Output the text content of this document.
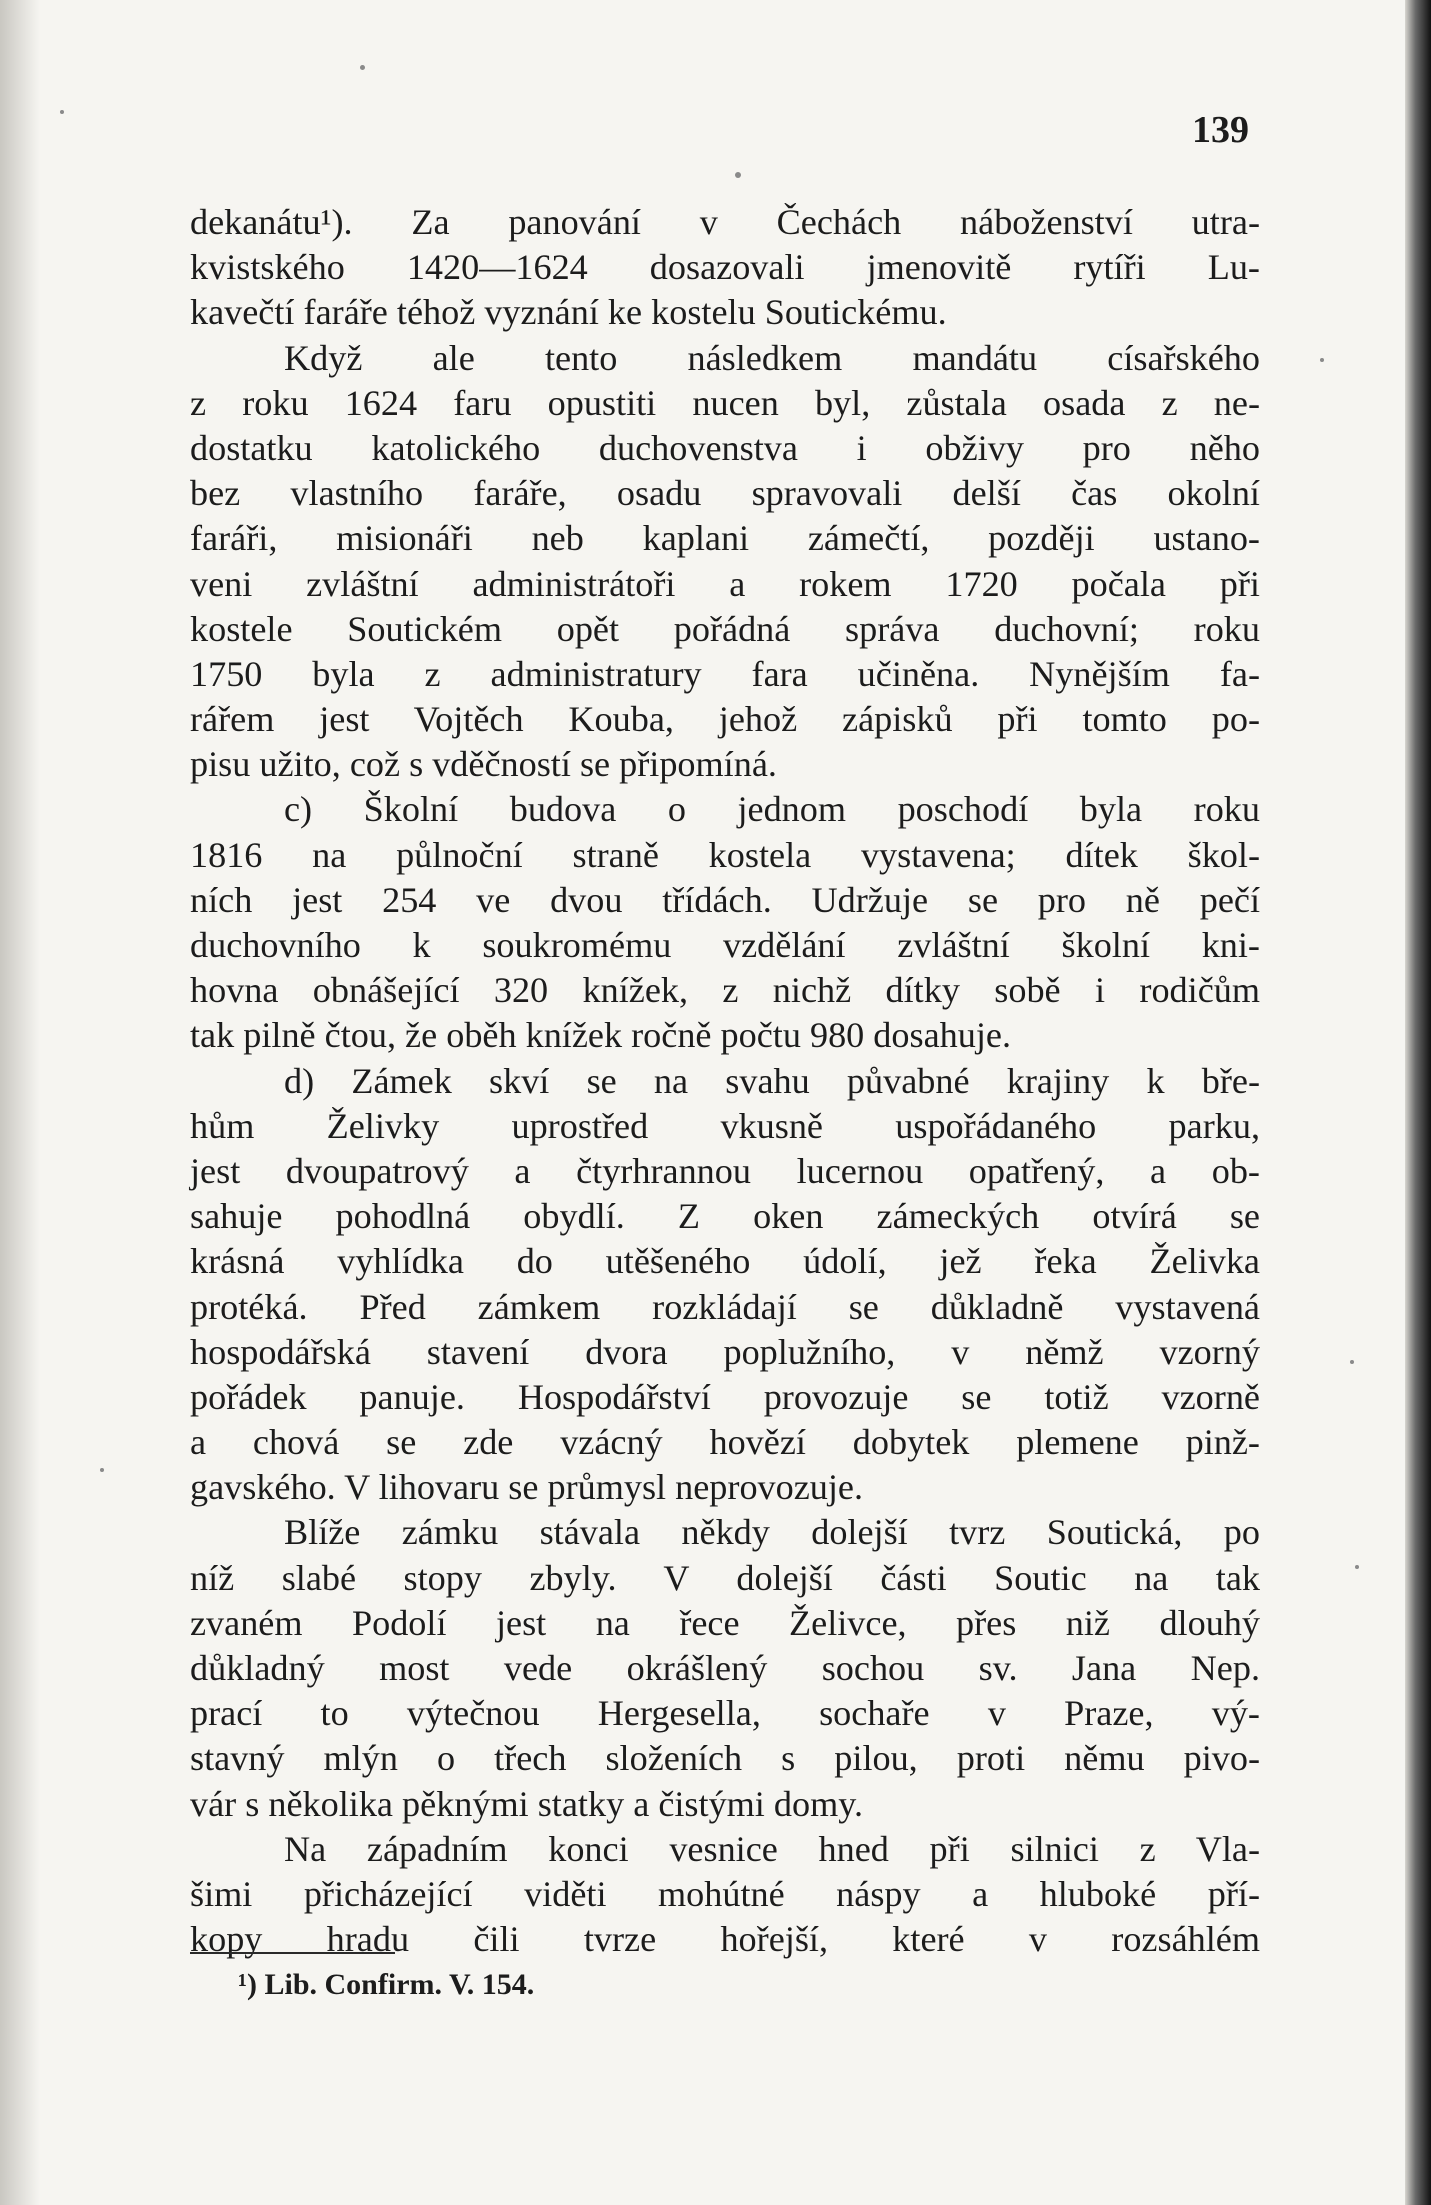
139

dekanátu¹). Za panování v Čechách náboženství utra-
kvistského 1420—1624 dosazovali jmenovitě rytíři Lu-
kavečtí faráře téhož vyznání ke kostelu Soutickému.
Když ale tento následkem mandátu císařského
z roku 1624 faru opustiti nucen byl, zůstala osada z ne-
dostatku katolického duchovenstva i obživy pro něho
bez vlastního faráře, osadu spravovali delší čas okolní
faráři, misionáři neb kaplani zámečtí, později ustano-
veni zvláštní administrátoři a rokem 1720 počala při
kostele Soutickém opět pořádná správa duchovní; roku
1750 byla z administratury fara učiněna. Nynějším fa-
rářem jest Vojtěch Kouba, jehož zápisků při tomto po-
pisu užito, což s vděčností se připomíná.
c) Školní budova o jednom poschodí byla roku
1816 na půlnoční straně kostela vystavena; dítek škol-
ních jest 254 ve dvou třídách. Udržuje se pro ně pečí
duchovního k soukromému vzdělání zvláštní školní kni-
hovna obnášející 320 knížek, z nichž dítky sobě i rodičům
tak pilně čtou, že oběh knížek ročně počtu 980 dosahuje.
d) Zámek skví se na svahu půvabné krajiny k bře-
hům Želivky uprostřed vkusně uspořádaného parku,
jest dvoupatrový a čtyrhrannou lucernou opatřený, a ob-
sahuje pohodlná obydlí. Z oken zámeckých otvírá se
krásná vyhlídka do utěšeného údolí, jež řeka Želivka
protéká. Před zámkem rozkládají se důkladně vystavená
hospodářská stavení dvora poplužního, v němž vzorný
pořádek panuje. Hospodářství provozuje se totiž vzorně
a chová se zde vzácný hovězí dobytek plemene pinž-
gavského. V lihovaru se průmysl neprovozuje.
Blíže zámku stávala někdy dolejší tvrz Soutická, po
níž slabé stopy zbyly. V dolejší části Soutic na tak
zvaném Podolí jest na řece Želivce, přes niž dlouhý
důkladný most vede okrášlený sochou sv. Jana Nep.
prací to výtečnou Hergesella, sochaře v Praze, vý-
stavný mlýn o třech složeních s pilou, proti němu pivo-
vár s několika pěknými statky a čistými domy.
Na západním konci vesnice hned při silnici z Vla-
šimi přicházející viděti mohútné náspy a hluboké pří-
kopy hradu čili tvrze hořejší, které v rozsáhlém

¹) Lib. Confirm. V. 154.
